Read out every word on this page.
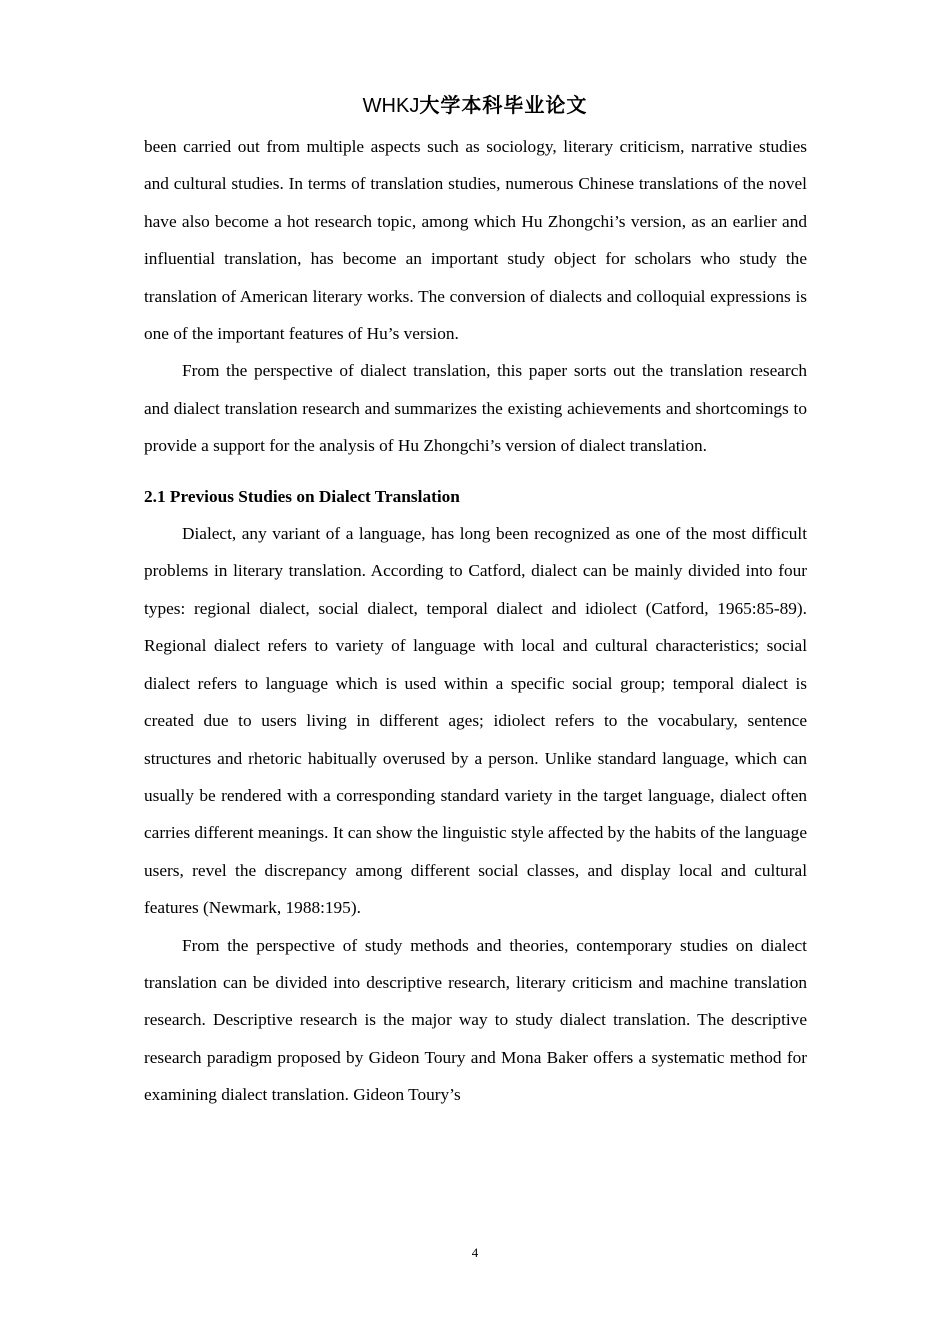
WHKJ大学本科毕业论文

been carried out from multiple aspects such as sociology, literary criticism, narrative studies and cultural studies. In terms of translation studies, numerous Chinese translations of the novel have also become a hot research topic, among which Hu Zhongchi’s version, as an earlier and influential translation, has become an important study object for scholars who study the translation of American literary works. The conversion of dialects and colloquial expressions is one of the important features of Hu’s version.

From the perspective of dialect translation, this paper sorts out the translation research and dialect translation research and summarizes the existing achievements and shortcomings to provide a support for the analysis of Hu Zhongchi’s version of dialect translation.

2.1 Previous Studies on Dialect Translation

Dialect, any variant of a language, has long been recognized as one of the most difficult problems in literary translation. According to Catford, dialect can be mainly divided into four types: regional dialect, social dialect, temporal dialect and idiolect (Catford, 1965:85-89). Regional dialect refers to variety of language with local and cultural characteristics; social dialect refers to language which is used within a specific social group; temporal dialect is created due to users living in different ages; idiolect refers to the vocabulary, sentence structures and rhetoric habitually overused by a person. Unlike standard language, which can usually be rendered with a corresponding standard variety in the target language, dialect often carries different meanings. It can show the linguistic style affected by the habits of the language users, revel the discrepancy among different social classes, and display local and cultural features (Newmark, 1988:195).

From the perspective of study methods and theories, contemporary studies on dialect translation can be divided into descriptive research, literary criticism and machine translation research. Descriptive research is the major way to study dialect translation. The descriptive research paradigm proposed by Gideon Toury and Mona Baker offers a systematic method for examining dialect translation. Gideon Toury’s

4
